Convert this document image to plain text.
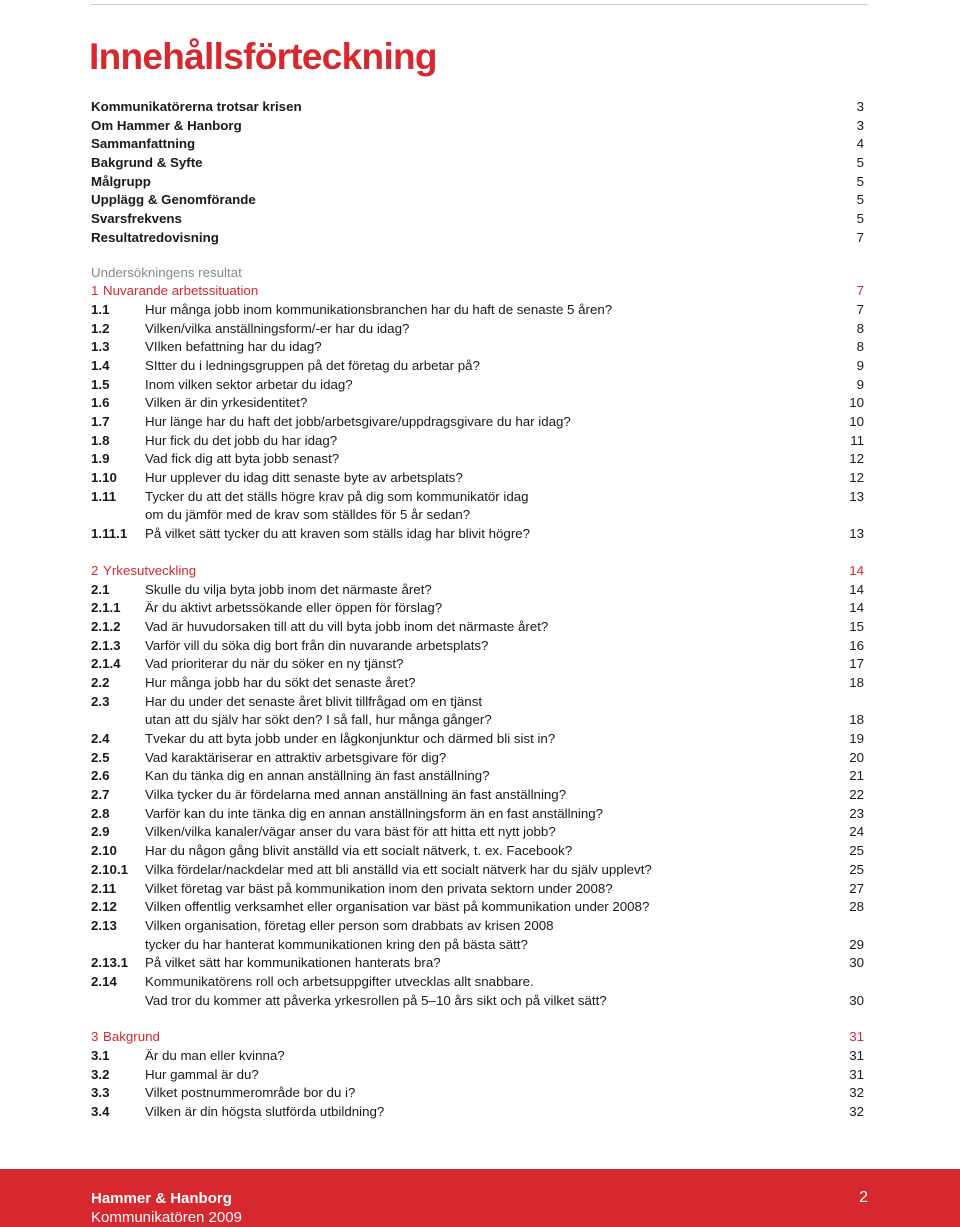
Innehållsförteckning
Kommunikatörerna trotsar krisen	3
Om Hammer & Hanborg	3
Sammanfattning	4
Bakgrund & Syfte	5
Målgrupp	5
Upplägg & Genomförande	5
Svarsfrekvens	5
Resultatredovisning	7
Undersökningens resultat
1 Nuvarande arbetssituation	7
1.1	Hur många jobb inom kommunikationsbranchen har du haft de senaste 5 åren?	7
1.2	Vilken/vilka anställningsform/-er har du idag?	8
1.3	VIlken befattning har du idag?	8
1.4	SItter du i ledningsgruppen på det företag du arbetar på?	9
1.5	Inom vilken sektor arbetar du idag?	9
1.6	Vilken är din yrkesidentitet?	10
1.7	Hur länge har du haft det jobb/arbetsgivare/uppdragsgivare du har idag?	10
1.8	Hur fick du det jobb du har idag?	11
1.9	Vad fick dig att byta jobb senast?	12
1.10 Hur upplever du idag ditt senaste byte av arbetsplats?	12
1.11 Tycker du att det ställs högre krav på dig som kommunikatör idag	13
om du jämför med de krav som ställdes för 5 år sedan?
1.11.1 På vilket sätt tycker du att kraven som ställs idag har blivit högre?	13
2 Yrkesutveckling	14
2.1	Skulle du vilja byta jobb inom det närmaste året?	14
2.1.1 Är du aktivt arbetssökande eller öppen för förslag?	14
2.1.2 Vad är huvudorsaken till att du vill byta jobb inom det närmaste året?	15
2.1.3 Varför vill du söka dig bort från din nuvarande arbetsplats?	16
2.1.4 Vad prioriterar du när du söker en ny tjänst?	17
2.2	Hur många jobb har du sökt det senaste året?	18
2.3	Har du under det senaste året blivit tillfrågad om en tjänst
utan att du själv har sökt den? I så fall, hur många gånger?	18
2.4	Tvekar du att byta jobb under en lågkonjunktur och därmed bli sist in?	19
2.5	Vad karaktäriserar en attraktiv arbetsgivare för dig?	20
2.6	Kan du tänka dig en annan anställning än fast anställning?	21
2.7	Vilka tycker du är fördelarna med annan anställning än fast anställning?	22
2.8	Varför kan du inte tänka dig en annan anställningsform än en fast anställning?	23
2.9	Vilken/vilka kanaler/vägar anser du vara bäst för att hitta ett nytt jobb?	24
2.10 Har du någon gång blivit anställd via ett socialt nätverk, t. ex. Facebook?	25
2.10.1 Vilka fördelar/nackdelar med att bli anställd via ett socialt nätverk har du själv upplevt?	25
2.11 Vilket företag var bäst på kommunikation inom den privata sektorn under 2008?	27
2.12 Vilken offentlig verksamhet eller organisation var bäst på kommunikation under 2008?	28
2.13 Vilken organisation, företag eller person som drabbats av krisen 2008
tycker du har hanterat kommunikationen kring den på bästa sätt?	29
2.13.1 På vilket sätt har kommunikationen hanterats bra?	30
2.14 Kommunikatörens roll och arbetsuppgifter utvecklas allt snabbare.
Vad tror du kommer att påverka yrkesrollen på 5–10 års sikt och på vilket sätt?	30
3 Bakgrund	31
3.1	Är du man eller kvinna?	31
3.2	Hur gammal är du?	31
3.3	Vilket postnummerområde bor du i?	32
3.4	Vilken är din högsta slutförda utbildning?	32
Hammer & Hanborg
Kommunikatören 2009
2
